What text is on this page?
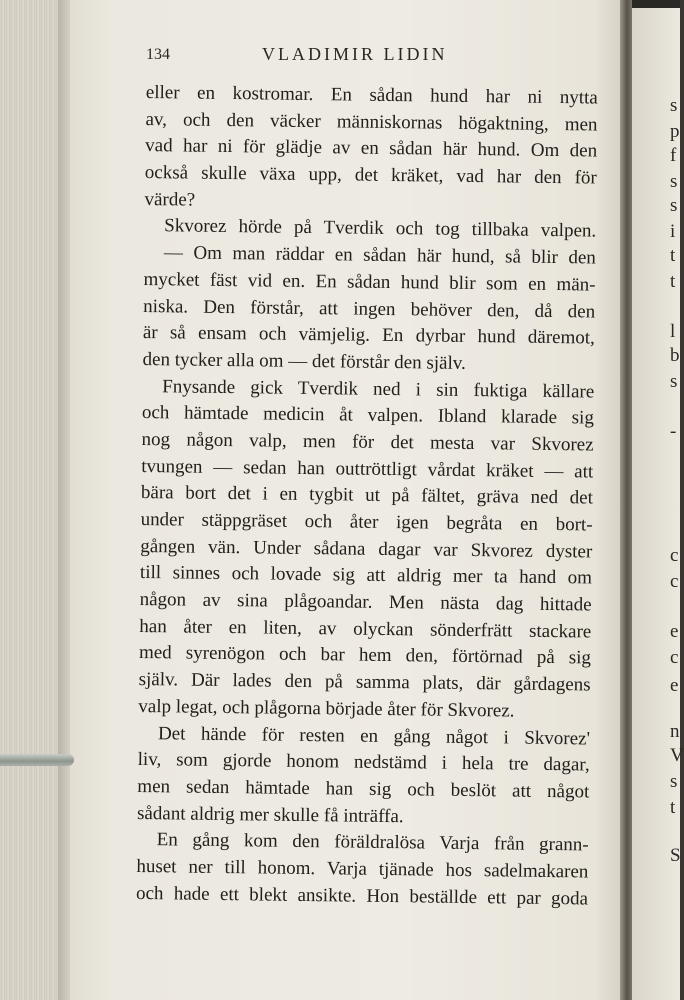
s
p
f
s
s
i
t
t
l
b
s
-
c
c
e
c
e
n
V
s
t
S
134	VLADIMIR LIDIN
eller en kostromar. En sådan hund har ni nytta
av, och den väcker människornas högaktning, men
vad har ni för glädje av en sådan här hund. Om den
också skulle växa upp, det kräket, vad har den för
värde?
Skvorez hörde på Tverdik och tog tillbaka valpen.
— Om man räddar en sådan här hund, så blir den
mycket fäst vid en. En sådan hund blir som en män-
niska. Den förstår, att ingen behöver den, då den
är så ensam och vämjelig. En dyrbar hund däremot,
den tycker alla om — det förstår den själv.
Fnysande gick Tverdik ned i sin fuktiga källare
och hämtade medicin åt valpen. Ibland klarade sig
nog någon valp, men för det mesta var Skvorez
tvungen — sedan han outtröttligt vårdat kräket — att
bära bort det i en tygbit ut på fältet, gräva ned det
under stäppgräset och åter igen begråta en bort-
gången vän. Under sådana dagar var Skvorez dyster
till sinnes och lovade sig att aldrig mer ta hand om
någon av sina plågoandar. Men nästa dag hittade
han åter en liten, av olyckan sönderfrätt stackare
med syrenögon och bar hem den, förtörnad på sig
själv. Där lades den på samma plats, där gårdagens
valp legat, och plågorna började åter för Skvorez.
Det hände för resten en gång något i Skvorez'
liv, som gjorde honom nedstämd i hela tre dagar,
men sedan hämtade han sig och beslöt att något
sådant aldrig mer skulle få inträffa.
En gång kom den föräldralösa Varja från grann-
huset ner till honom. Varja tjänade hos sadelmakaren
och hade ett blekt ansikte. Hon beställde ett par goda
